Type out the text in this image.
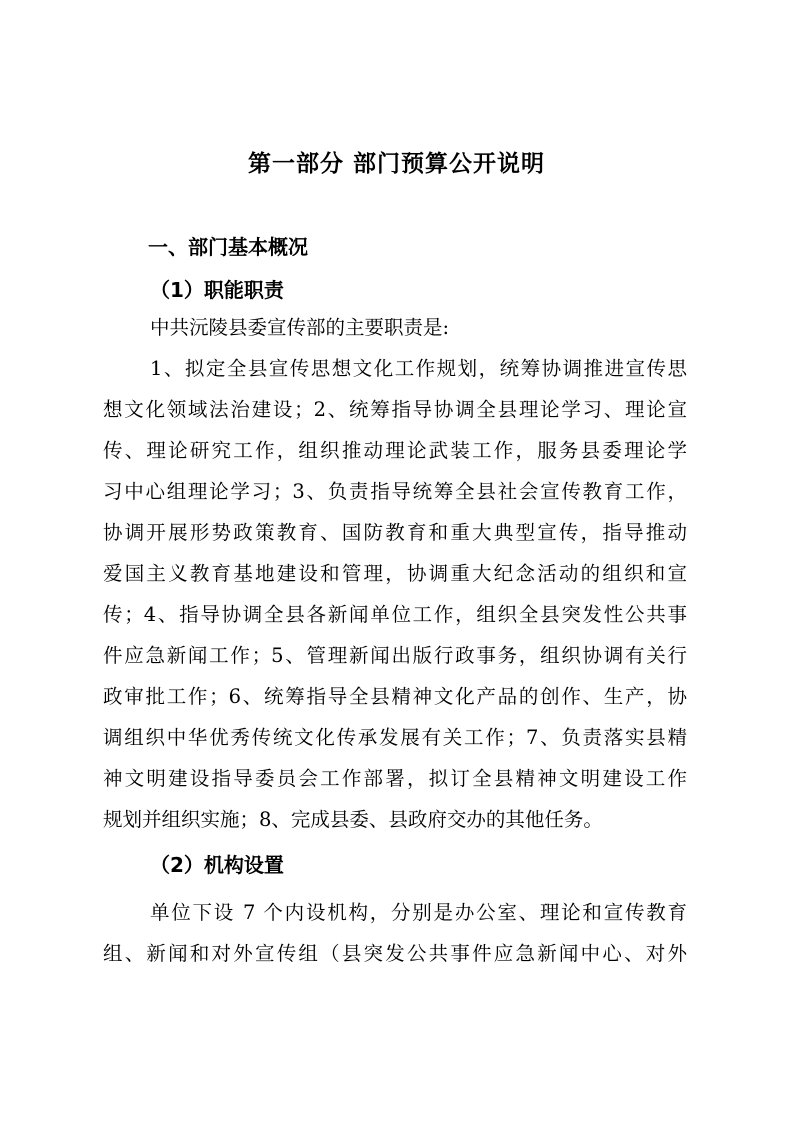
第一部分 部门预算公开说明
一、部门基本概况
（1）职能职责
中共沅陵县委宣传部的主要职责是:
1、拟定全县宣传思想文化工作规划，统筹协调推进宣传思
想文化领域法治建设；2、统筹指导协调全县理论学习、理论宣
传、理论研究工作，组织推动理论武装工作，服务县委理论学
习中心组理论学习；3、负责指导统筹全县社会宣传教育工作，
协调开展形势政策教育、国防教育和重大典型宣传，指导推动
爱国主义教育基地建设和管理，协调重大纪念活动的组织和宣
传；4、指导协调全县各新闻单位工作，组织全县突发性公共事
件应急新闻工作；5、管理新闻出版行政事务，组织协调有关行
政审批工作；6、统筹指导全县精神文化产品的创作、生产，协
调组织中华优秀传统文化传承发展有关工作；7、负责落实县精
神文明建设指导委员会工作部署，拟订全县精神文明建设工作
规划并组织实施；8、完成县委、县政府交办的其他任务。
（2）机构设置
单位下设 7 个内设机构，分别是办公室、理论和宣传教育
组、新闻和对外宣传组（县突发公共事件应急新闻中心、对外
